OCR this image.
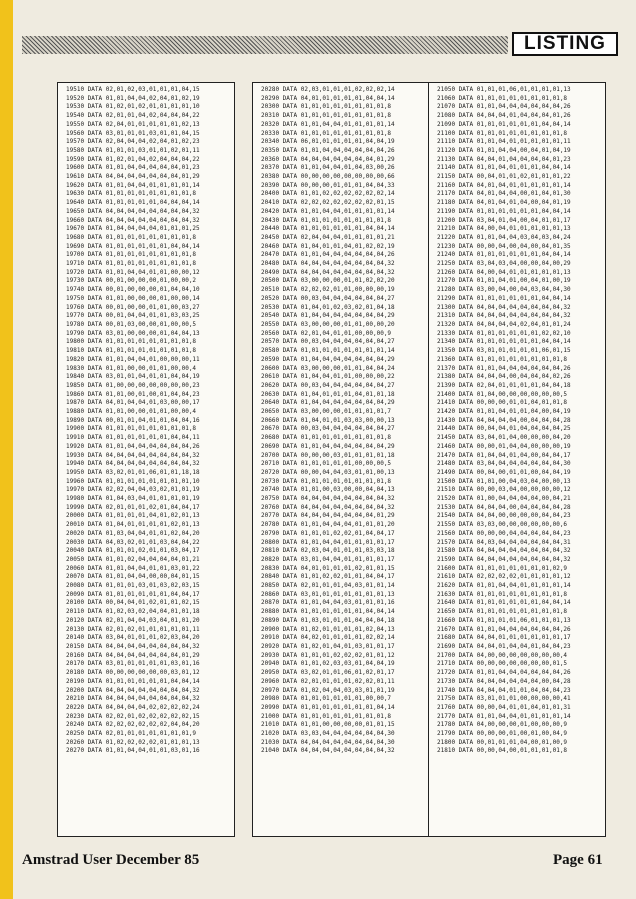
LISTING
19510 DATA 02,01,02,03,01,01,01,04,15
19520 DATA 01,01,04,04,02,04,01,02,19
19530 DATA 01,02,01,02,01,01,01,01,10
19540 DATA 02,01,01,04,02,04,04,04,22
19550 DATA 02,04,01,01,01,01,01,02,13
19560 DATA 03,01,01,01,03,01,01,04,15
19570 DATA 02,04,04,04,02,04,01,02,23
19580 DATA 01,01,01,03,01,01,02,01,11
19590 DATA 01,02,01,04,02,04,04,04,22
19600 DATA 01,01,04,04,04,04,04,01,23
19610 DATA 04,04,04,04,04,04,04,01,29
19620 DATA 01,01,04,04,01,01,01,01,14
19630 DATA 01,01,01,01,01,01,01,01,8
19640 DATA 01,01,01,01,01,04,04,04,14
19650 DATA 04,04,04,04,04,04,04,04,32
19660 DATA 04,04,04,04,04,04,04,04,32
19670 DATA 01,04,04,04,04,01,01,01,25
19680 DATA 01,01,01,01,01,01,01,01,8
19690 DATA 01,01,01,01,01,01,04,04,14
19700 DATA 01,01,01,01,01,01,01,01,8
19710 DATA 01,01,01,01,01,01,01,01,8
19720 DATA 01,01,04,04,01,01,00,00,12
19730 DATA 00,01,00,00,00,01,00,00,2
19740 DATA 00,01,00,00,00,01,04,04,10
19750 DATA 01,01,00,00,00,01,00,00,14
19760 DATA 00,01,00,00,01,01,00,03,27
19770 DATA 00,01,04,04,01,01,03,03,25
19780 DATA 00,01,03,00,00,01,00,00,5
19790 DATA 03,01,00,00,00,01,04,04,13
19800 DATA 01,01,01,01,01,01,01,01,8
19810 DATA 01,01,01,01,01,01,01,01,8
19820 DATA 01,01,04,04,01,00,00,00,11
19830 DATA 01,01,00,00,01,01,00,00,4
19840 DATA 03,01,01,04,01,01,04,04,19
19850 DATA 01,00,00,00,00,00,00,00,23
19860 DATA 01,01,00,01,00,01,04,04,23
19870 DATA 04,01,04,04,01,03,00,00,17
19880 DATA 01,01,00,00,01,01,00,00,4
19890 DATA 00,01,01,04,01,01,04,04,16
19900 DATA 01,01,01,01,01,01,01,01,8
19910 DATA 01,01,01,01,01,01,04,04,11
19920 DATA 01,01,04,04,04,04,04,04,26
19930 DATA 04,04,04,04,04,04,04,04,32
19940 DATA 04,04,04,04,04,04,04,04,32
19950 DATA 03,02,01,01,06,01,01,18,18
19960 DATA 01,01,01,01,01,01,01,01,10
19970 DATA 02,02,04,04,03,02,01,01,19
19980 DATA 01,04,03,04,01,01,01,01,19
19990 DATA 02,01,01,01,02,01,04,04,17
20000 DATA 01,01,01,01,04,01,02,01,13
20010 DATA 01,04,01,01,01,01,02,01,13
20020 DATA 01,03,04,04,01,01,02,04,20
20030 DATA 04,03,02,01,01,03,04,04,22
20040 DATA 01,01,01,02,01,01,03,04,17
20050 DATA 01,01,02,04,04,04,04,01,21
20060 DATA 01,01,04,04,01,01,03,01,22
20070 DATA 01,01,04,04,00,00,04,01,15
20080 DATA 01,01,01,03,01,03,02,03,15
20090 DATA 01,01,01,01,01,01,04,04,17
20100 DATA 00,04,04,01,02,01,01,02,15
20110 DATA 01,02,03,02,04,04,01,01,18
20120 DATA 02,01,04,04,03,04,01,01,20
20130 DATA 02,01,02,01,01,01,01,01,11
20140 DATA 03,04,01,01,01,02,03,04,20
20150 DATA 04,04,04,04,04,04,04,04,32
20160 DATA 04,04,04,04,04,04,04,01,29
20170 DATA 03,01,01,01,01,01,03,01,16
20180 DATA 00,00,00,00,00,00,03,01,12
20190 DATA 01,01,01,01,01,01,04,04,14
20200 DATA 04,04,04,04,04,04,04,04,32
20210 DATA 04,04,04,04,04,04,04,04,32
20220 DATA 04,04,04,04,02,02,02,02,24
20230 DATA 02,02,01,02,02,02,02,02,15
20240 DATA 02,02,02,02,02,02,04,04,20
20250 DATA 02,01,01,01,01,01,01,01,9
20260 DATA 01,02,02,02,02,01,01,01,13
20270 DATA 01,01,04,04,01,01,03,01,16
20280 DATA 02,03,01,01,01,02,02,02,14
20290 DATA 04,01,01,01,01,01,04,04,14
20300 DATA 01,01,01,01,01,01,01,01,8
20310 DATA 01,01,01,01,01,01,01,01,8
20320 DATA 01,01,04,04,01,01,01,01,14
20330 DATA 01,01,01,01,01,01,01,01,8
20340 DATA 06,01,01,01,01,01,04,04,19
20350 DATA 01,01,04,04,04,04,04,04,26
20360 DATA 04,04,04,04,04,04,04,01,29
20370 DATA 01,01,04,04,01,04,03,00,26
20380 DATA 00,00,00,00,00,00,00,00,66
20390 DATA 00,00,00,01,01,01,04,04,33
20400 DATA 01,01,02,02,02,02,02,02,14
20410 DATA 02,02,02,02,02,02,02,01,15
20420 DATA 01,01,04,04,01,01,01,01,14
20430 DATA 01,01,01,01,01,01,01,01,8
20440 DATA 01,01,01,01,01,01,04,04,14
20450 DATA 02,04,04,04,01,01,01,01,21
20460 DATA 01,04,01,01,04,01,02,02,19
20470 DATA 01,01,04,04,04,04,04,04,26
20480 DATA 04,04,04,04,04,04,04,04,32
20490 DATA 04,04,04,04,04,04,04,04,32
20500 DATA 03,00,00,00,01,01,02,02,20
20510 DATA 02,02,02,01,01,00,00,00,19
20520 DATA 00,03,04,04,04,04,04,04,27
20530 DATA 01,04,01,02,03,02,01,04,18
20540 DATA 01,04,04,04,04,04,04,04,29
20550 DATA 03,00,00,00,01,01,00,00,20
20560 DATA 02,01,04,01,01,00,00,00,9
20570 DATA 00,03,04,04,04,04,04,04,27
20580 DATA 01,01,01,01,01,01,01,01,14
20590 DATA 01,04,04,04,04,04,04,04,29
20600 DATA 03,00,00,00,01,01,04,04,24
20610 DATA 01,04,04,01,01,00,00,00,22
20620 DATA 00,03,04,04,04,04,04,04,27
20630 DATA 01,04,01,01,01,04,01,01,18
20640 DATA 01,04,04,04,04,04,04,04,29
20650 DATA 03,00,00,00,01,01,01,01,7
20660 DATA 01,04,01,01,03,03,00,00,13
20670 DATA 00,03,04,04,04,04,04,04,27
20680 DATA 01,01,01,01,01,01,01,01,8
20690 DATA 01,01,04,04,04,04,04,04,29
20700 DATA 00,00,00,03,01,01,01,01,18
20710 DATA 01,01,01,01,01,00,00,00,5
20720 DATA 00,00,04,04,03,01,01,00,13
20730 DATA 01,01,01,01,01,01,01,01,8
20740 DATA 01,01,00,03,00,00,04,04,13
20750 DATA 04,04,04,04,04,04,04,04,32
20760 DATA 04,04,04,04,04,04,04,04,32
20770 DATA 04,04,04,04,04,04,04,01,29
20780 DATA 01,01,04,04,04,01,01,01,20
20790 DATA 01,01,01,02,02,01,04,04,17
20800 DATA 01,01,04,04,01,01,01,01,17
20810 DATA 02,03,04,01,01,01,03,03,18
20820 DATA 03,01,04,04,01,01,01,01,17
20830 DATA 04,01,01,01,01,02,01,01,15
20840 DATA 01,01,02,02,01,01,04,04,17
20850 DATA 02,01,01,01,04,03,01,01,14
20860 DATA 03,01,01,01,01,01,01,01,13
20870 DATA 01,01,04,04,03,01,01,01,16
20880 DATA 01,01,01,01,01,01,04,04,14
20890 DATA 01,03,01,01,01,04,04,04,18
20900 DATA 01,02,01,01,01,01,02,04,13
20910 DATA 04,02,01,01,01,01,02,02,14
20920 DATA 01,02,01,04,01,03,01,01,17
20930 DATA 01,01,01,02,02,02,01,01,12
20940 DATA 01,01,02,03,03,01,04,04,19
20950 DATA 03,02,01,01,06,01,02,01,17
20960 DATA 02,01,01,01,01,02,02,01,11
20970 DATA 01,02,04,04,03,03,01,01,19
20980 DATA 01,01,01,01,01,01,00,00,7
20990 DATA 01,01,01,01,01,01,01,04,14
21000 DATA 01,01,01,01,01,01,01,01,8
21010 DATA 01,01,00,00,00,00,01,01,15
21020 DATA 03,03,04,04,04,04,04,04,30
21030 DATA 04,04,04,04,04,04,04,04,30
21040 DATA 04,04,04,04,04,04,04,04,32
21050 DATA 01,01,01,06,01,01,01,01,13
21060 DATA 01,01,01,01,01,01,01,01,8
21070 DATA 01,01,04,04,04,04,04,04,26
21080 DATA 04,04,04,01,04,04,04,01,26
21090 DATA 01,01,01,01,01,01,04,04,14
21100 DATA 01,01,01,01,01,01,01,01,8
21110 DATA 01,01,04,01,01,01,01,01,11
21120 DATA 01,01,04,04,00,04,01,04,19
21130 DATA 04,04,01,04,04,04,04,01,23
21140 DATA 01,01,04,01,01,01,04,04,14
21150 DATA 00,04,01,01,02,01,01,01,22
21160 DATA 04,01,04,01,01,01,01,01,14
21170 DATA 04,01,04,04,00,01,04,01,30
21180 DATA 04,01,04,01,04,00,04,01,19
21190 DATA 01,01,01,01,01,01,04,04,14
21200 DATA 03,04,01,04,00,04,01,01,17
21210 DATA 04,00,04,01,01,01,01,01,13
21220 DATA 01,01,04,04,03,04,03,04,24
21230 DATA 00,00,04,00,04,00,04,01,35
21240 DATA 01,01,01,01,01,01,04,04,14
21250 DATA 03,04,03,04,00,00,04,00,29
21260 DATA 04,00,04,01,01,01,01,01,13
21270 DATA 01,01,04,01,00,04,01,00,19
21280 DATA 03,00,04,00,04,03,04,04,30
21290 DATA 01,01,01,01,01,01,04,04,14
21300 DATA 04,04,04,04,04,04,04,04,32
21310 DATA 04,04,04,04,04,04,04,04,32
21320 DATA 04,04,04,04,02,04,01,01,24
21330 DATA 01,01,01,01,01,01,02,02,10
21340 DATA 01,01,01,01,01,01,04,04,14
21350 DATA 03,01,01,01,01,01,06,01,15
21360 DATA 01,01,01,01,01,01,01,01,8
21370 DATA 01,01,04,04,04,04,04,04,26
21380 DATA 04,04,04,00,04,04,04,02,26
21390 DATA 02,04,01,01,01,01,04,04,18
21400 DATA 01,04,00,00,00,00,00,00,5
21410 DATA 00,00,00,01,01,04,01,01,8
21420 DATA 01,01,04,01,01,04,00,04,19
21430 DATA 04,04,04,04,00,04,04,04,28
21440 DATA 00,04,04,01,04,04,04,04,25
21450 DATA 03,04,01,04,00,00,00,04,20
21460 DATA 00,00,01,04,04,00,00,00,19
21470 DATA 01,04,04,01,04,00,04,04,17
21480 DATA 03,04,04,04,04,04,04,04,30
21490 DATA 00,04,00,01,01,00,04,04,19
21500 DATA 01,01,00,04,03,04,00,00,13
21510 DATA 00,00,03,04,00,00,00,00,12
21520 DATA 01,00,04,04,04,04,00,04,21
21530 DATA 04,04,04,00,04,04,04,04,28
21540 DATA 04,04,00,00,00,00,04,04,23
21550 DATA 03,03,00,00,00,00,00,00,6
21560 DATA 00,00,00,04,04,04,04,04,23
21570 DATA 04,03,04,04,04,04,04,04,31
21580 DATA 04,04,04,04,04,04,04,04,32
21590 DATA 04,04,04,04,04,04,04,04,32
21600 DATA 01,01,01,01,01,01,01,02,9
21610 DATA 02,02,02,02,01,01,01,01,12
21620 DATA 01,01,04,04,01,01,01,01,14
21630 DATA 01,01,01,01,01,01,01,01,8
21640 DATA 01,01,01,01,01,01,04,04,14
21650 DATA 01,01,01,01,01,01,01,01,8
21660 DATA 01,01,01,01,06,01,01,01,13
21670 DATA 01,01,04,04,04,04,04,04,26
21680 DATA 04,04,01,01,01,01,01,01,17
21690 DATA 04,04,01,04,04,01,04,04,23
21700 DATA 04,00,00,00,00,00,00,00,4
21710 DATA 00,00,00,00,00,00,00,01,5
21720 DATA 01,01,04,04,04,04,04,04,26
21730 DATA 04,04,04,04,04,04,00,04,28
21740 DATA 04,04,04,01,01,04,04,04,23
21750 DATA 03,01,01,01,00,00,00,00,41
21760 DATA 00,00,04,01,01,04,01,01,31
21770 DATA 01,01,04,04,01,01,01,01,14
21780 DATA 04,00,00,00,01,00,00,00,9
21790 DATA 00,00,00,01,00,01,00,04,9
21800 DATA 00,01,01,01,04,00,01,00,9
21810 DATA 00,00,04,00,01,01,01,01,8
Amstrad User December 85	Page 61
